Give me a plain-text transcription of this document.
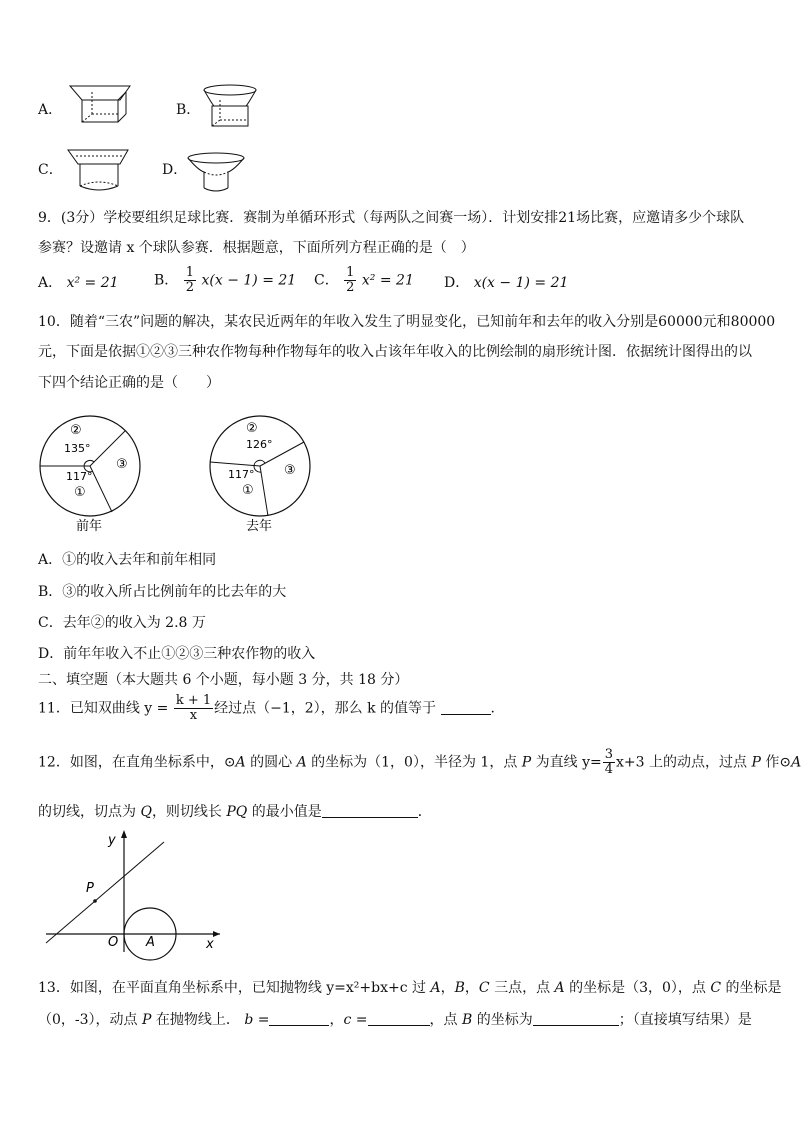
A．	B．
C．	D．
9．(3分）学校要组织足球比赛．赛制为单循环形式（每两队之间赛一场）．计划安排21场比赛，应邀请多少个球队
参赛？设邀请 x 个球队参赛．根据题意，下面所列方程正确的是（　）
A． x² = 21	B． $\frac{1}{2} x(x - 1) = 21$ C． $\frac{1}{2} x^2 = 21$ D． x(x − 1) = 21
10．随着“三农”问题的解决，某农民近两年的年收入发生了明显变化，已知前年和去年的收入分别是60000元和80000
元，下面是依据①②③三种农作物每种作物每年的收入占该年年收入的比例绘制的扇形统计图．依据统计图得出的以
下四个结论正确的是（　　）
②
135°
③
117°
①
前年
②
126°
③
117°
①
去年
A．①的收入去年和前年相同
B．③的收入所占比例前年的比去年的大
C．去年②的收入为 2.8 万
D．前年年收入不止①②③三种农作物的收入
二、填空题（本大题共 6 个小题，每小题 3 分，共 18 分）
11．已知双曲线 $y = \frac{k + 1}{x}$ 经过点（−1，2），那么 k 的值等于	.
12．如图，在直角坐标系中，⊙A 的圆心 A 的坐标为（1，0），半径为 1，点 P 为直线 $y= \frac{3}{4} x+3$ 上的动点，过点 P 作⊙A
的切线，切点为 Q，则切线长 PQ 的最小值是	．
y
x
O A
P
13．如图，在平面直角坐标系中，已知抛物线 y=x²+bx+c 过 A，B，C 三点，点 A 的坐标是（3，0），点 C 的坐标是
（0，-3），动点 P 在抛物线上． b =	，c =	，点 B 的坐标为	；（直接填写结果）是
